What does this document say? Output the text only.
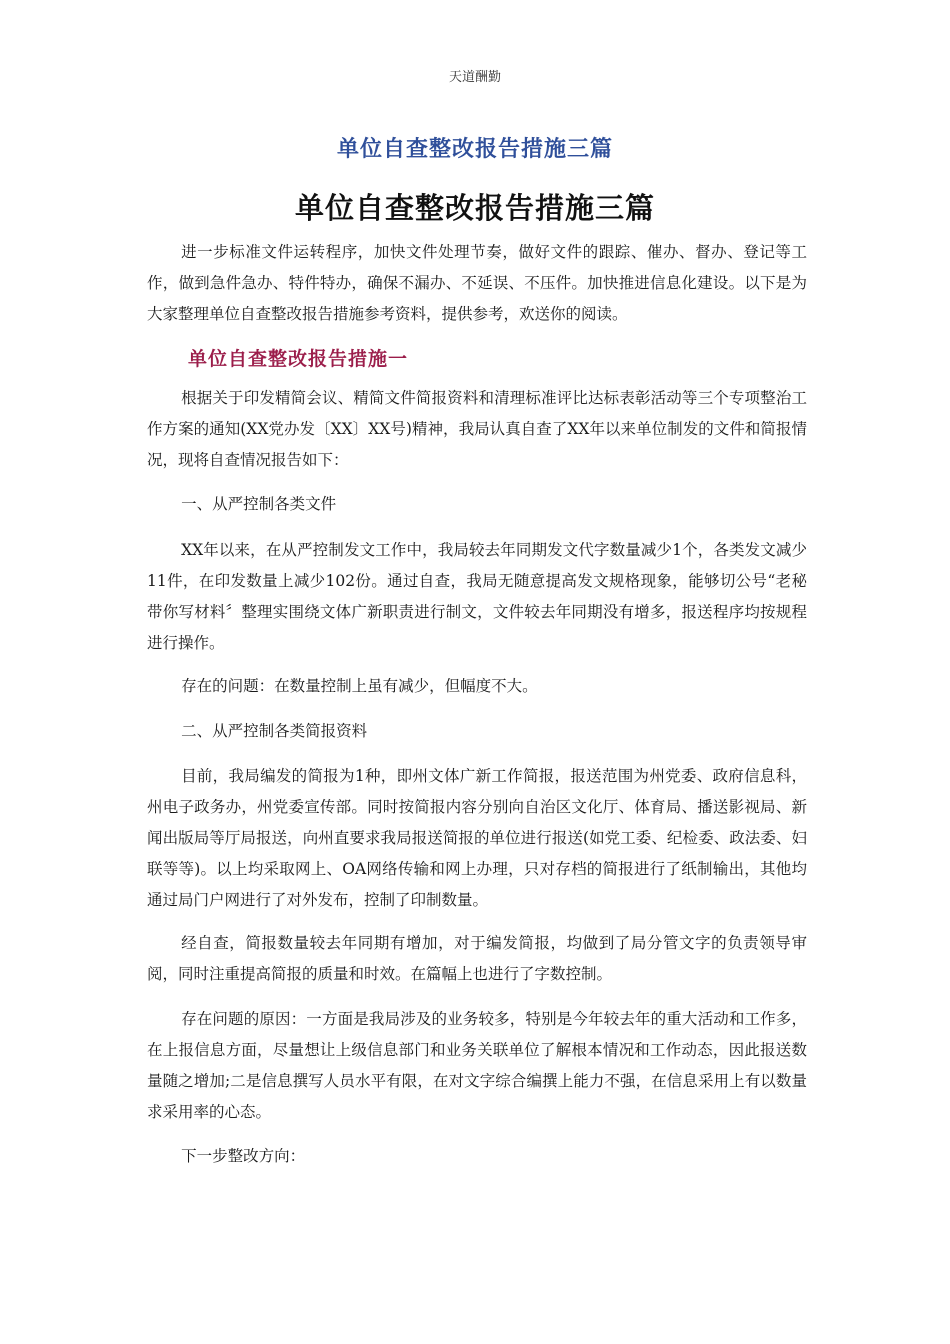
天道酬勤
单位自查整改报告措施三篇
单位自查整改报告措施三篇

进一步标准文件运转程序，加快文件处理节奏，做好文件的跟踪、催办、督办、登记等工作，做到急件急办、特件特办，确保不漏办、不延误、不压件。加快推进信息化建设。以下是为大家整理单位自查整改报告措施参考资料，提供参考，欢送你的阅读。

单位自查整改报告措施一

根据关于印发精简会议、精简文件简报资料和清理标准评比达标表彰活动等三个专项整治工作方案的通知(XX党办发〔XX〕XX号)精神，我局认真自查了XX年以来单位制发的文件和简报情况，现将自查情况报告如下：

一、从严控制各类文件

XX年以来，在从严控制发文工作中，我局较去年同期发文代字数量减少1个，各类发文减少11件，在印发数量上减少102份。通过自查，我局无随意提高发文规格现象，能够切公号“老秘带你写材料〞整理实围绕文体广新职责进行制文，文件较去年同期没有增多，报送程序均按规程进行操作。

存在的问题：在数量控制上虽有减少，但幅度不大。

二、从严控制各类简报资料

目前，我局编发的简报为1种，即州文体广新工作简报，报送范围为州党委、政府信息科，州电子政务办，州党委宣传部。同时按简报内容分别向自治区文化厅、体育局、播送影视局、新闻出版局等厅局报送，向州直要求我局报送简报的单位进行报送(如党工委、纪检委、政法委、妇联等等)。以上均采取网上、OA网络传输和网上办理，只对存档的简报进行了纸制输出，其他均通过局门户网进行了对外发布，控制了印制数量。

经自查，简报数量较去年同期有增加，对于编发简报，均做到了局分管文字的负责领导审阅，同时注重提高简报的质量和时效。在篇幅上也进行了字数控制。

存在问题的原因：一方面是我局涉及的业务较多，特别是今年较去年的重大活动和工作多，在上报信息方面，尽量想让上级信息部门和业务关联单位了解根本情况和工作动态，因此报送数量随之增加;二是信息撰写人员水平有限，在对文字综合编撰上能力不强，在信息采用上有以数量求采用率的心态。

下一步整改方向：
